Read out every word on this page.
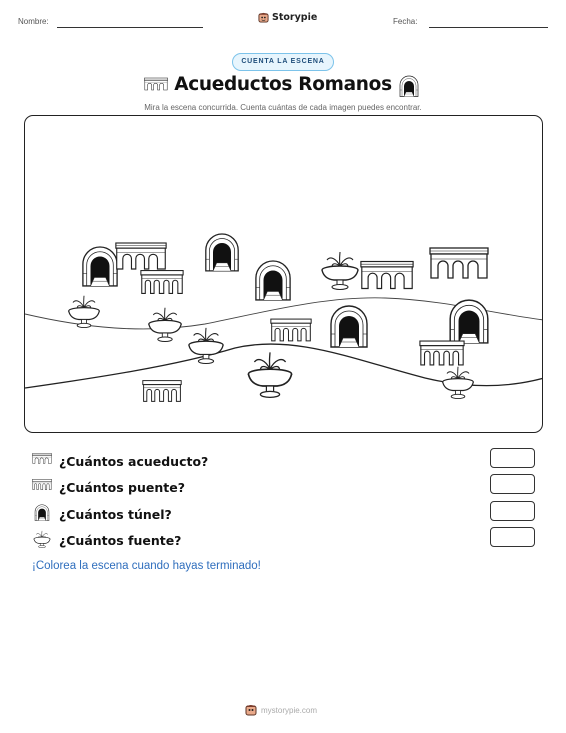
Nombre:	Storypie	Fecha:
CUENTA LA ESCENA
Acueductos Romanos
Mira la escena concurrida. Cuenta cuántas de cada imagen puedes encontrar.
¿Cuántos acueducto?
¿Cuántos puente?
¿Cuántos túnel?
¿Cuántos fuente?
¡Colorea la escena cuando hayas terminado!
mystorypie.com
